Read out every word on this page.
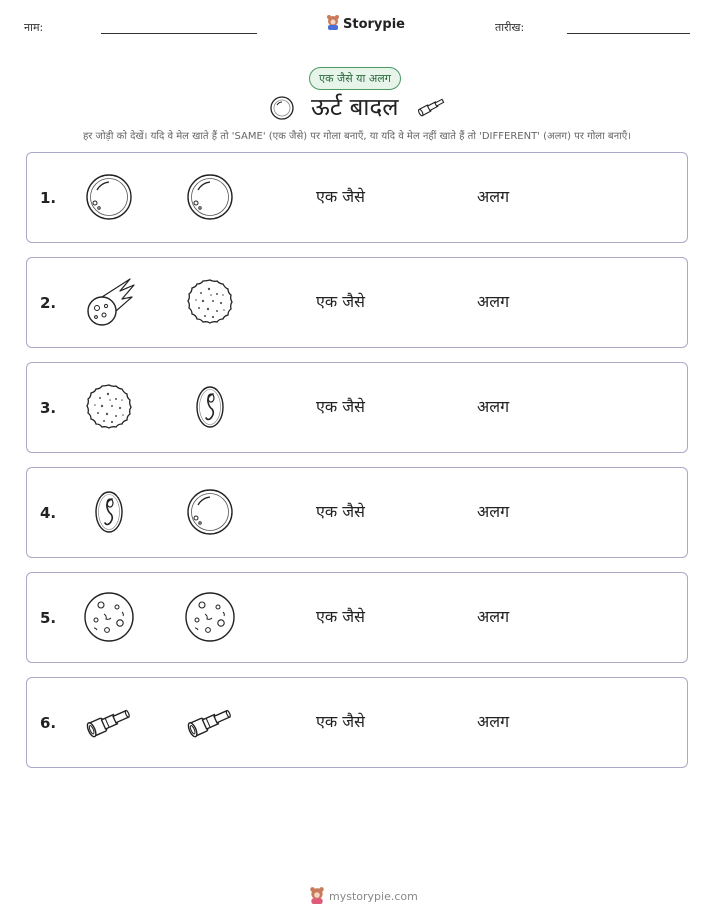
नाम:	Storypie	तारीख:
एक जैसे या अलग
ऊर्ट बादल
हर जोड़ी को देखें। यदि वे मेल खाते हैं तो 'SAME' (एक जैसे) पर गोला बनाएँ, या यदि वे मेल नहीं खाते हैं तो 'DIFFERENT' (अलग) पर गोला बनाएँ।
1.	एक जैसे	अलग
2.	एक जैसे	अलग
3.	एक जैसे	अलग
4.	एक जैसे	अलग
5.	एक जैसे	अलग
6.	एक जैसे	अलग
mystorypie.com
